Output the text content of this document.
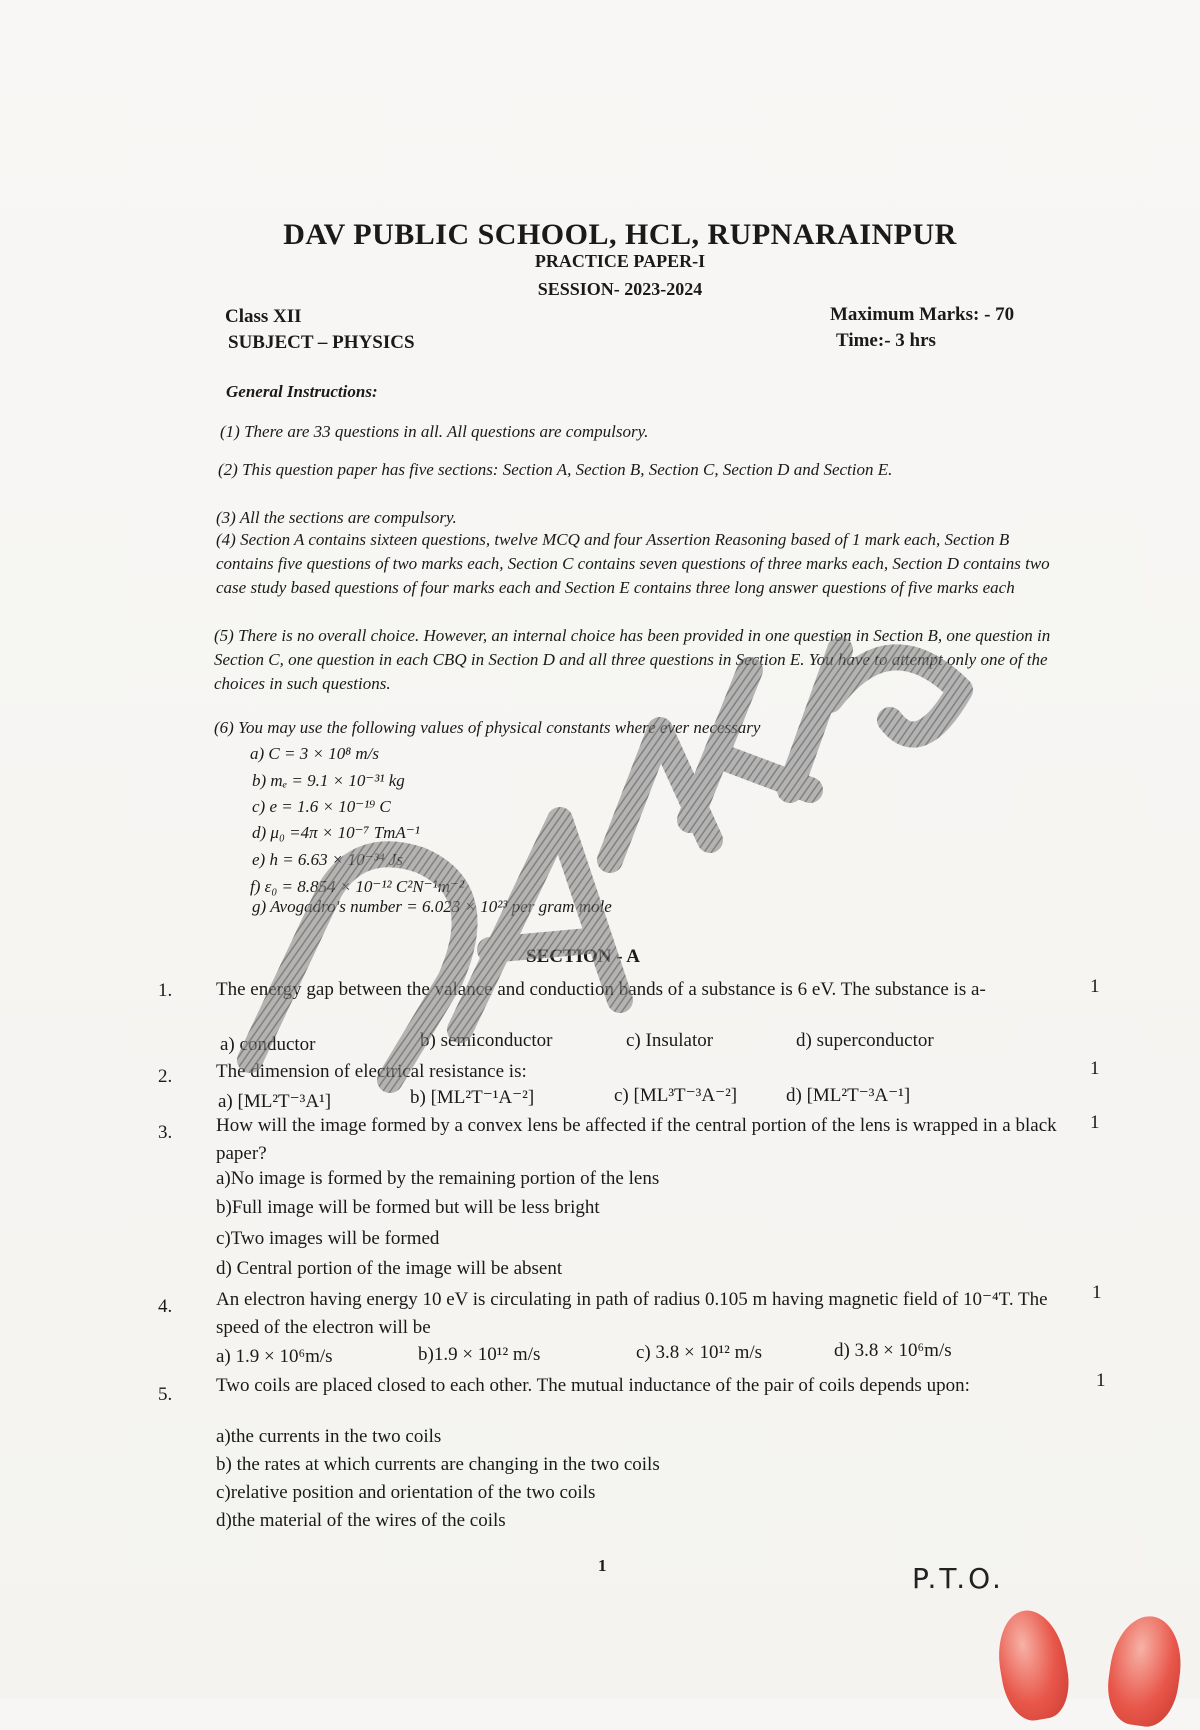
DAV PUBLIC SCHOOL, HCL, RUPNARAINPUR
PRACTICE PAPER-I
SESSION- 2023-2024
Class XII
SUBJECT – PHYSICS
Maximum Marks: - 70
Time:- 3 hrs
General Instructions:
(1) There are 33 questions in all. All questions are compulsory.
(2) This question paper has five sections: Section A, Section B, Section C, Section D and Section E.
(3) All the sections are compulsory.
(4) Section A contains sixteen questions, twelve MCQ and four Assertion Reasoning based of 1 mark each, Section B contains five questions of two marks each, Section C contains seven questions of three marks each, Section D contains two case study based questions of four marks each and Section E contains three long answer questions of five marks each
(5) There is no overall choice. However, an internal choice has been provided in one question in Section B, one question in Section C, one question in each CBQ in Section D and all three questions in Section E. You have to attempt only one of the choices in such questions.
(6) You may use the following values of physical constants where ever necessary
a) C = 3 × 10⁸ m/s
b) mₑ = 9.1 × 10⁻³¹ kg
c) e = 1.6 × 10⁻¹⁹ C
d) μ₀ =4π × 10⁻⁷ TmA⁻¹
e) h = 6.63 × 10⁻³⁴ Js
f) ε₀ = 8.854 × 10⁻¹² C²N⁻¹m⁻²
g) Avogadro's number = 6.023 × 10²³ per gram mole
SECTION - A
1. The energy gap between the valance and conduction bands of a substance is 6 eV. The substance is a-	1
a) conductor	b) semiconductor	c) Insulator	d) superconductor
2. The dimension of electrical resistance is:	1
a) [ML²T⁻³A¹]	b) [ML²T⁻¹A⁻²]	c) [ML³T⁻³A⁻²]	d) [ML²T⁻³A⁻¹]
3. How will the image formed by a convex lens be affected if the central portion of the lens is wrapped in a black paper?
1
a)No image is formed by the remaining portion of the lens
b)Full image will be formed but will be less bright
c)Two images will be formed
d) Central portion of the image will be absent
4. An electron having energy 10 eV is circulating in path of radius 0.105 m having magnetic field of 10⁻⁴T. The speed of the electron will be
1
a) 1.9 × 10⁶m/s	b)1.9 × 10¹² m/s	c) 3.8 × 10¹² m/s	d) 3.8 × 10⁶m/s
5. Two coils are placed closed to each other. The mutual inductance of the pair of coils depends upon:	1
a)the currents in the two coils
b) the rates at which currents are changing in the two coils
c)relative position and orientation of the two coils
d)the material of the wires of the coils
1	P.T.O.
